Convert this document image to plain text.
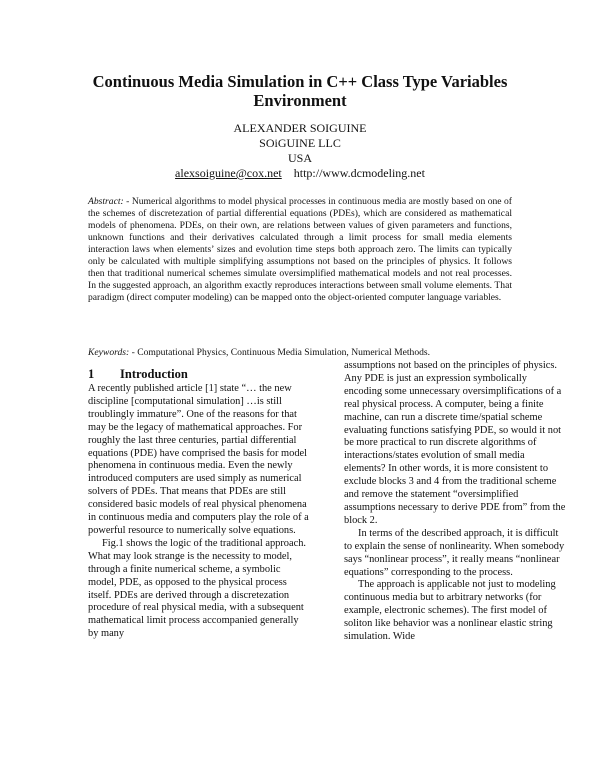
Continuous Media Simulation in C++ Class Type Variables Environment
ALEXANDER SOIGUINE
SOiGUINE LLC
USA
alexsoiguine@cox.net http://www.dcmodeling.net

Abstract: - Numerical algorithms to model physical processes in continuous media are mostly based on one of the schemes of discretezation of partial differential equations (PDEs), which are considered as mathematical models of phenomena. PDEs, on their own, are relations between values of given parameters and functions, unknown functions and their derivatives calculated through a limit process for small media elements interaction laws when elements’ sizes and evolution time steps both approach zero. The limits can typically only be calculated with multiple simplifying assumptions not based on the principles of physics. It follows then that traditional numerical schemes simulate oversimplified mathematical models and not real processes. In the suggested approach, an algorithm exactly reproduces interactions between small volume elements. That paradigm (direct computer modeling) can be mapped onto the object-oriented computer language variables.

Keywords: - Computational Physics, Continuous Media Simulation, Numerical Methods.

1 Introduction

A recently published article [1] state “… the new discipline [computational simulation] …is still troublingly immature”. One of the reasons for that may be the legacy of mathematical approaches. For roughly the last three centuries, partial differential equations (PDE) have comprised the basis for model phenomena in continuous media. Even the newly introduced computers are used simply as numerical solvers of PDEs. That means that PDEs are still considered basic models of real physical phenomena in continuous media and computers play the role of a powerful resource to numerically solve equations.

Fig.1 shows the logic of the traditional approach. What may look strange is the necessity to model, through a finite numerical scheme, a symbolic model, PDE, as opposed to the physical process itself. PDEs are derived through a discretezation procedure of real physical media, with a subsequent mathematical limit process accompanied generally by many

assumptions not based on the principles of physics. Any PDE is just an expression symbolically encoding some unnecessary oversimplifications of a real physical process. A computer, being a finite machine, can run a discrete time/spatial scheme evaluating functions satisfying PDE, so would it not be more practical to run discrete algorithms of interactions/states evolution of small media elements? In other words, it is more consistent to exclude blocks 3 and 4 from the traditional scheme and remove the statement “oversimplified assumptions necessary to derive PDE from” from the block 2.

In terms of the described approach, it is difficult to explain the sense of nonlinearity. When somebody says “nonlinear process”, it really means “nonlinear equations” corresponding to the process.

The approach is applicable not just to modeling continuous media but to arbitrary networks (for example, electronic schemes). The first model of soliton like behavior was a nonlinear elastic string simulation. Wide
